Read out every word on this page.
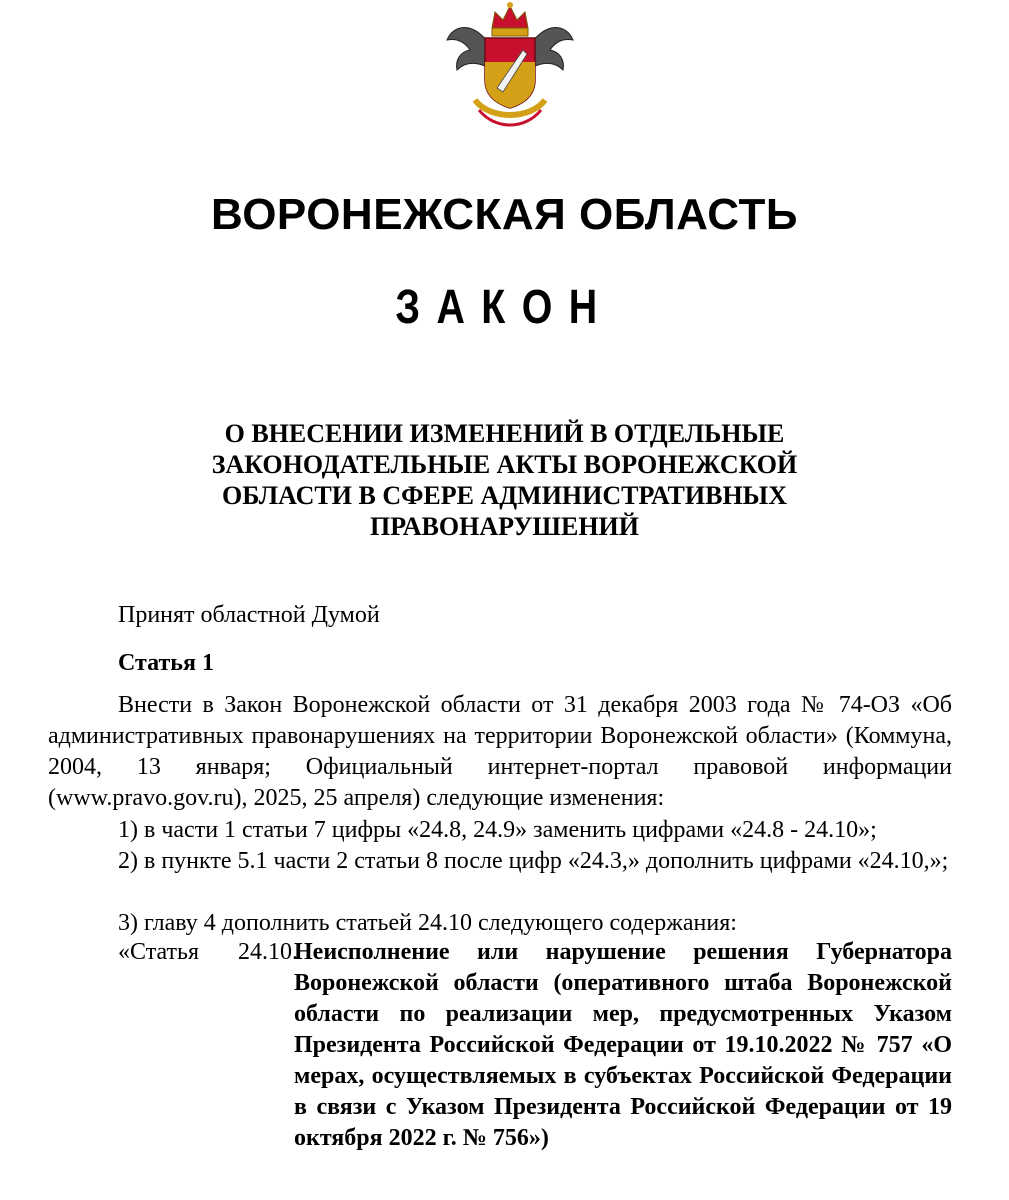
ВОРОНЕЖСКАЯ ОБЛАСТЬ
ЗАКОН
О ВНЕСЕНИИ ИЗМЕНЕНИЙ В ОТДЕЛЬНЫЕ ЗАКОНОДАТЕЛЬНЫЕ АКТЫ ВОРОНЕЖСКОЙ ОБЛАСТИ В СФЕРЕ АДМИНИСТРАТИВНЫХ ПРАВОНАРУШЕНИЙ
Принят областной Думой
Статья 1
Внести в Закон Воронежской области от 31 декабря 2003 года № 74-ОЗ «Об административных правонарушениях на территории Воронежской области» (Коммуна, 2004, 13 января; Официальный интернет-портал правовой информации (www.pravo.gov.ru), 2025, 25 апреля) следующие изменения:
1) в части 1 статьи 7 цифры «24.8, 24.9» заменить цифрами «24.8 - 24.10»;
2) в пункте 5.1 части 2 статьи 8 после цифр «24.3,» дополнить цифрами «24.10,»;
3) главу 4 дополнить статьей 24.10 следующего содержания:
«Статья 24.10.
Неисполнение или нарушение решения Губернатора Воронежской области (оперативного штаба Воронежской области по реализации мер, предусмотренных Указом Президента Российской Федерации от 19.10.2022 № 757 «О мерах, осуществляемых в субъектах Российской Федерации в связи с Указом Президента Российской Федерации от 19 октября 2022 г. № 756»)
